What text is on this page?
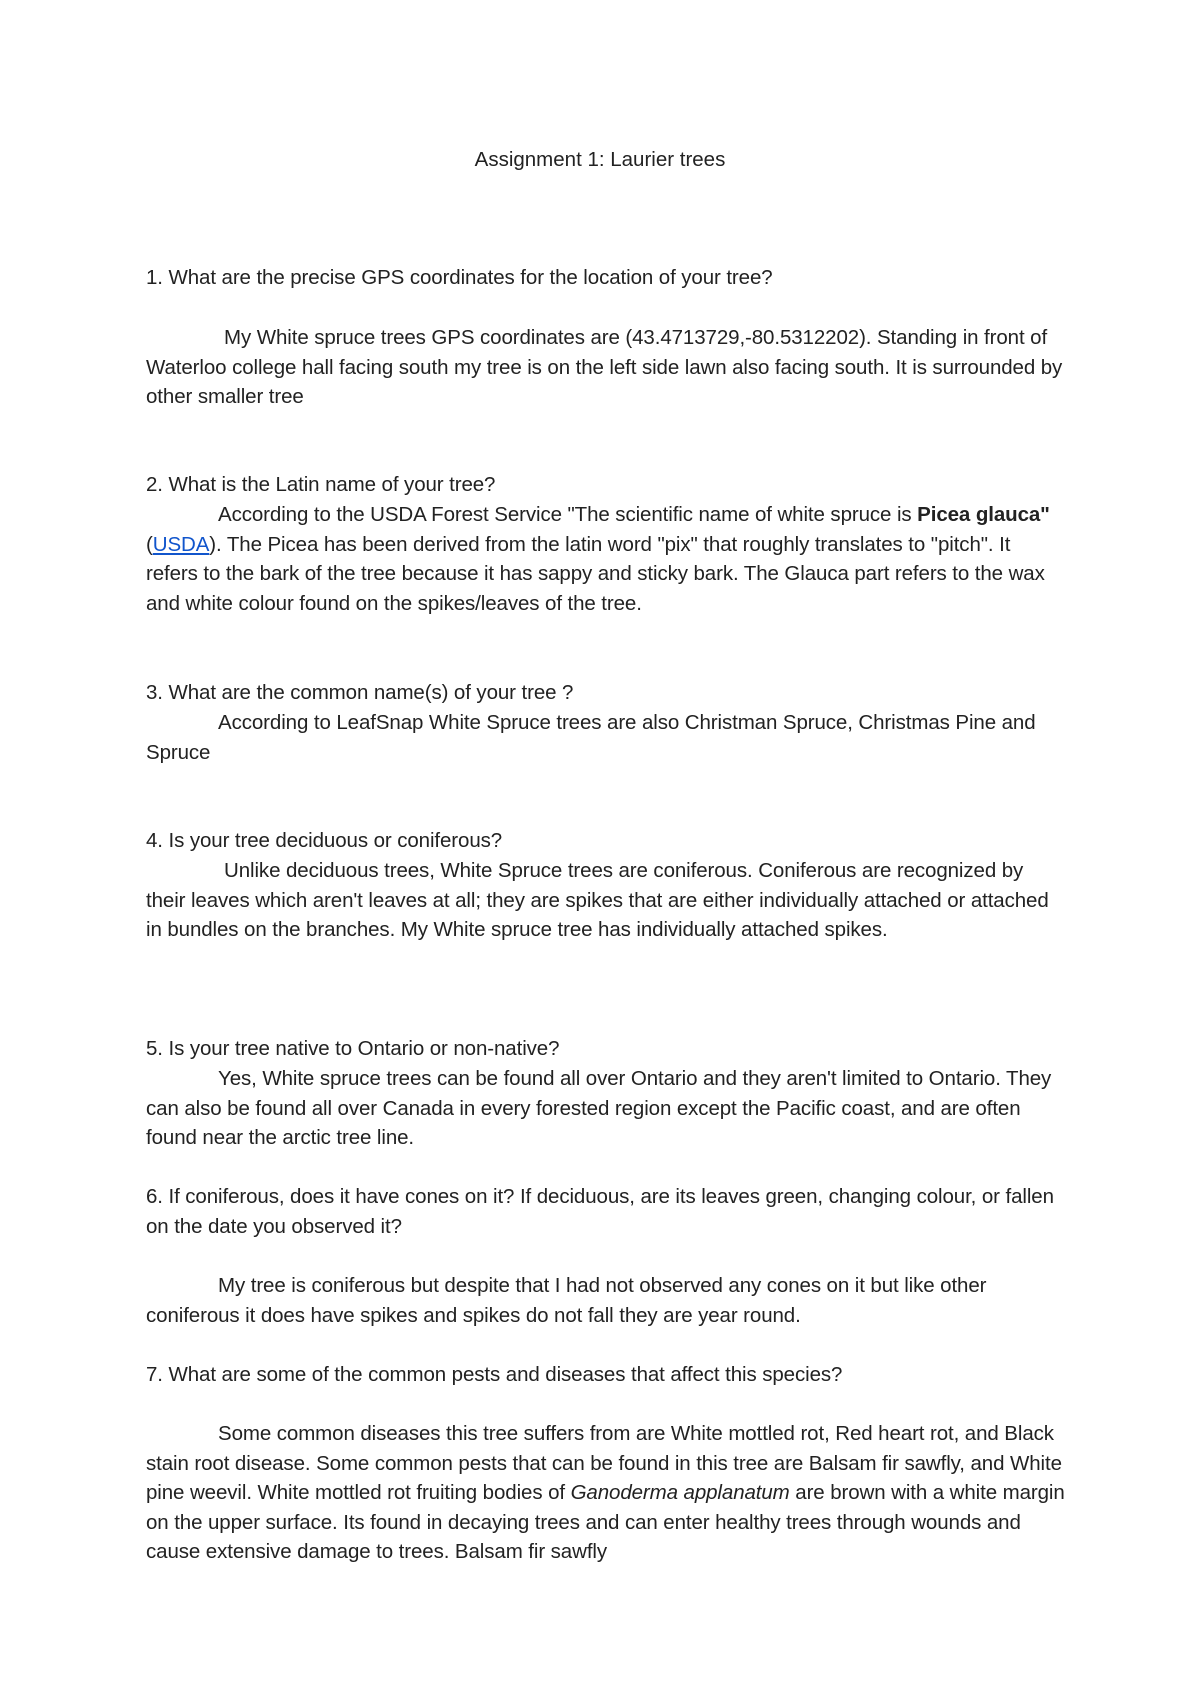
Assignment 1: Laurier trees
1. What are the precise GPS coordinates for the location of your tree?
My White spruce trees GPS coordinates are (43.4713729,-80.5312202). Standing in front of Waterloo college hall facing south my tree is on the left side lawn also facing south. It is surrounded by other smaller tree
2. What is the Latin name of your tree?
According to the USDA Forest Service "The scientific name of white spruce is Picea glauca"(USDA). The Picea has been derived from the latin word "pix" that roughly translates to "pitch". It refers to the bark of the tree because it has sappy and sticky bark. The Glauca part refers to the wax and white colour found on the spikes/leaves of the tree.
3. What are the common name(s) of your tree ?
According to LeafSnap White Spruce trees are also Christman Spruce, Christmas Pine and Spruce
4. Is your tree deciduous or coniferous?
Unlike deciduous trees, White Spruce trees are coniferous. Coniferous are recognized by their leaves which aren't leaves at all; they are spikes that are either individually attached or attached in bundles on the branches. My White spruce tree has individually attached spikes.
5. Is your tree native to Ontario or non-native?
Yes, White spruce trees can be found all over Ontario and they aren't limited to Ontario. They can also be found all over Canada in every forested region except the Pacific coast, and are often found near the arctic tree line.
6. If coniferous, does it have cones on it? If deciduous, are its leaves green, changing colour, or fallen on the date you observed it?
My tree is coniferous but despite that I had not observed any cones on it but like other coniferous it does have spikes and spikes do not fall they are year round.
7. What are some of the common pests and diseases that affect this species?
Some common diseases this tree suffers from are White mottled rot, Red heart rot, and Black stain root disease. Some common pests that can be found in this tree are Balsam fir sawfly, and White pine weevil. White mottled rot fruiting bodies of Ganoderma applanatum are brown with a white margin on the upper surface. Its found in decaying trees and can enter healthy trees through wounds and cause extensive damage to trees. Balsam fir sawfly
